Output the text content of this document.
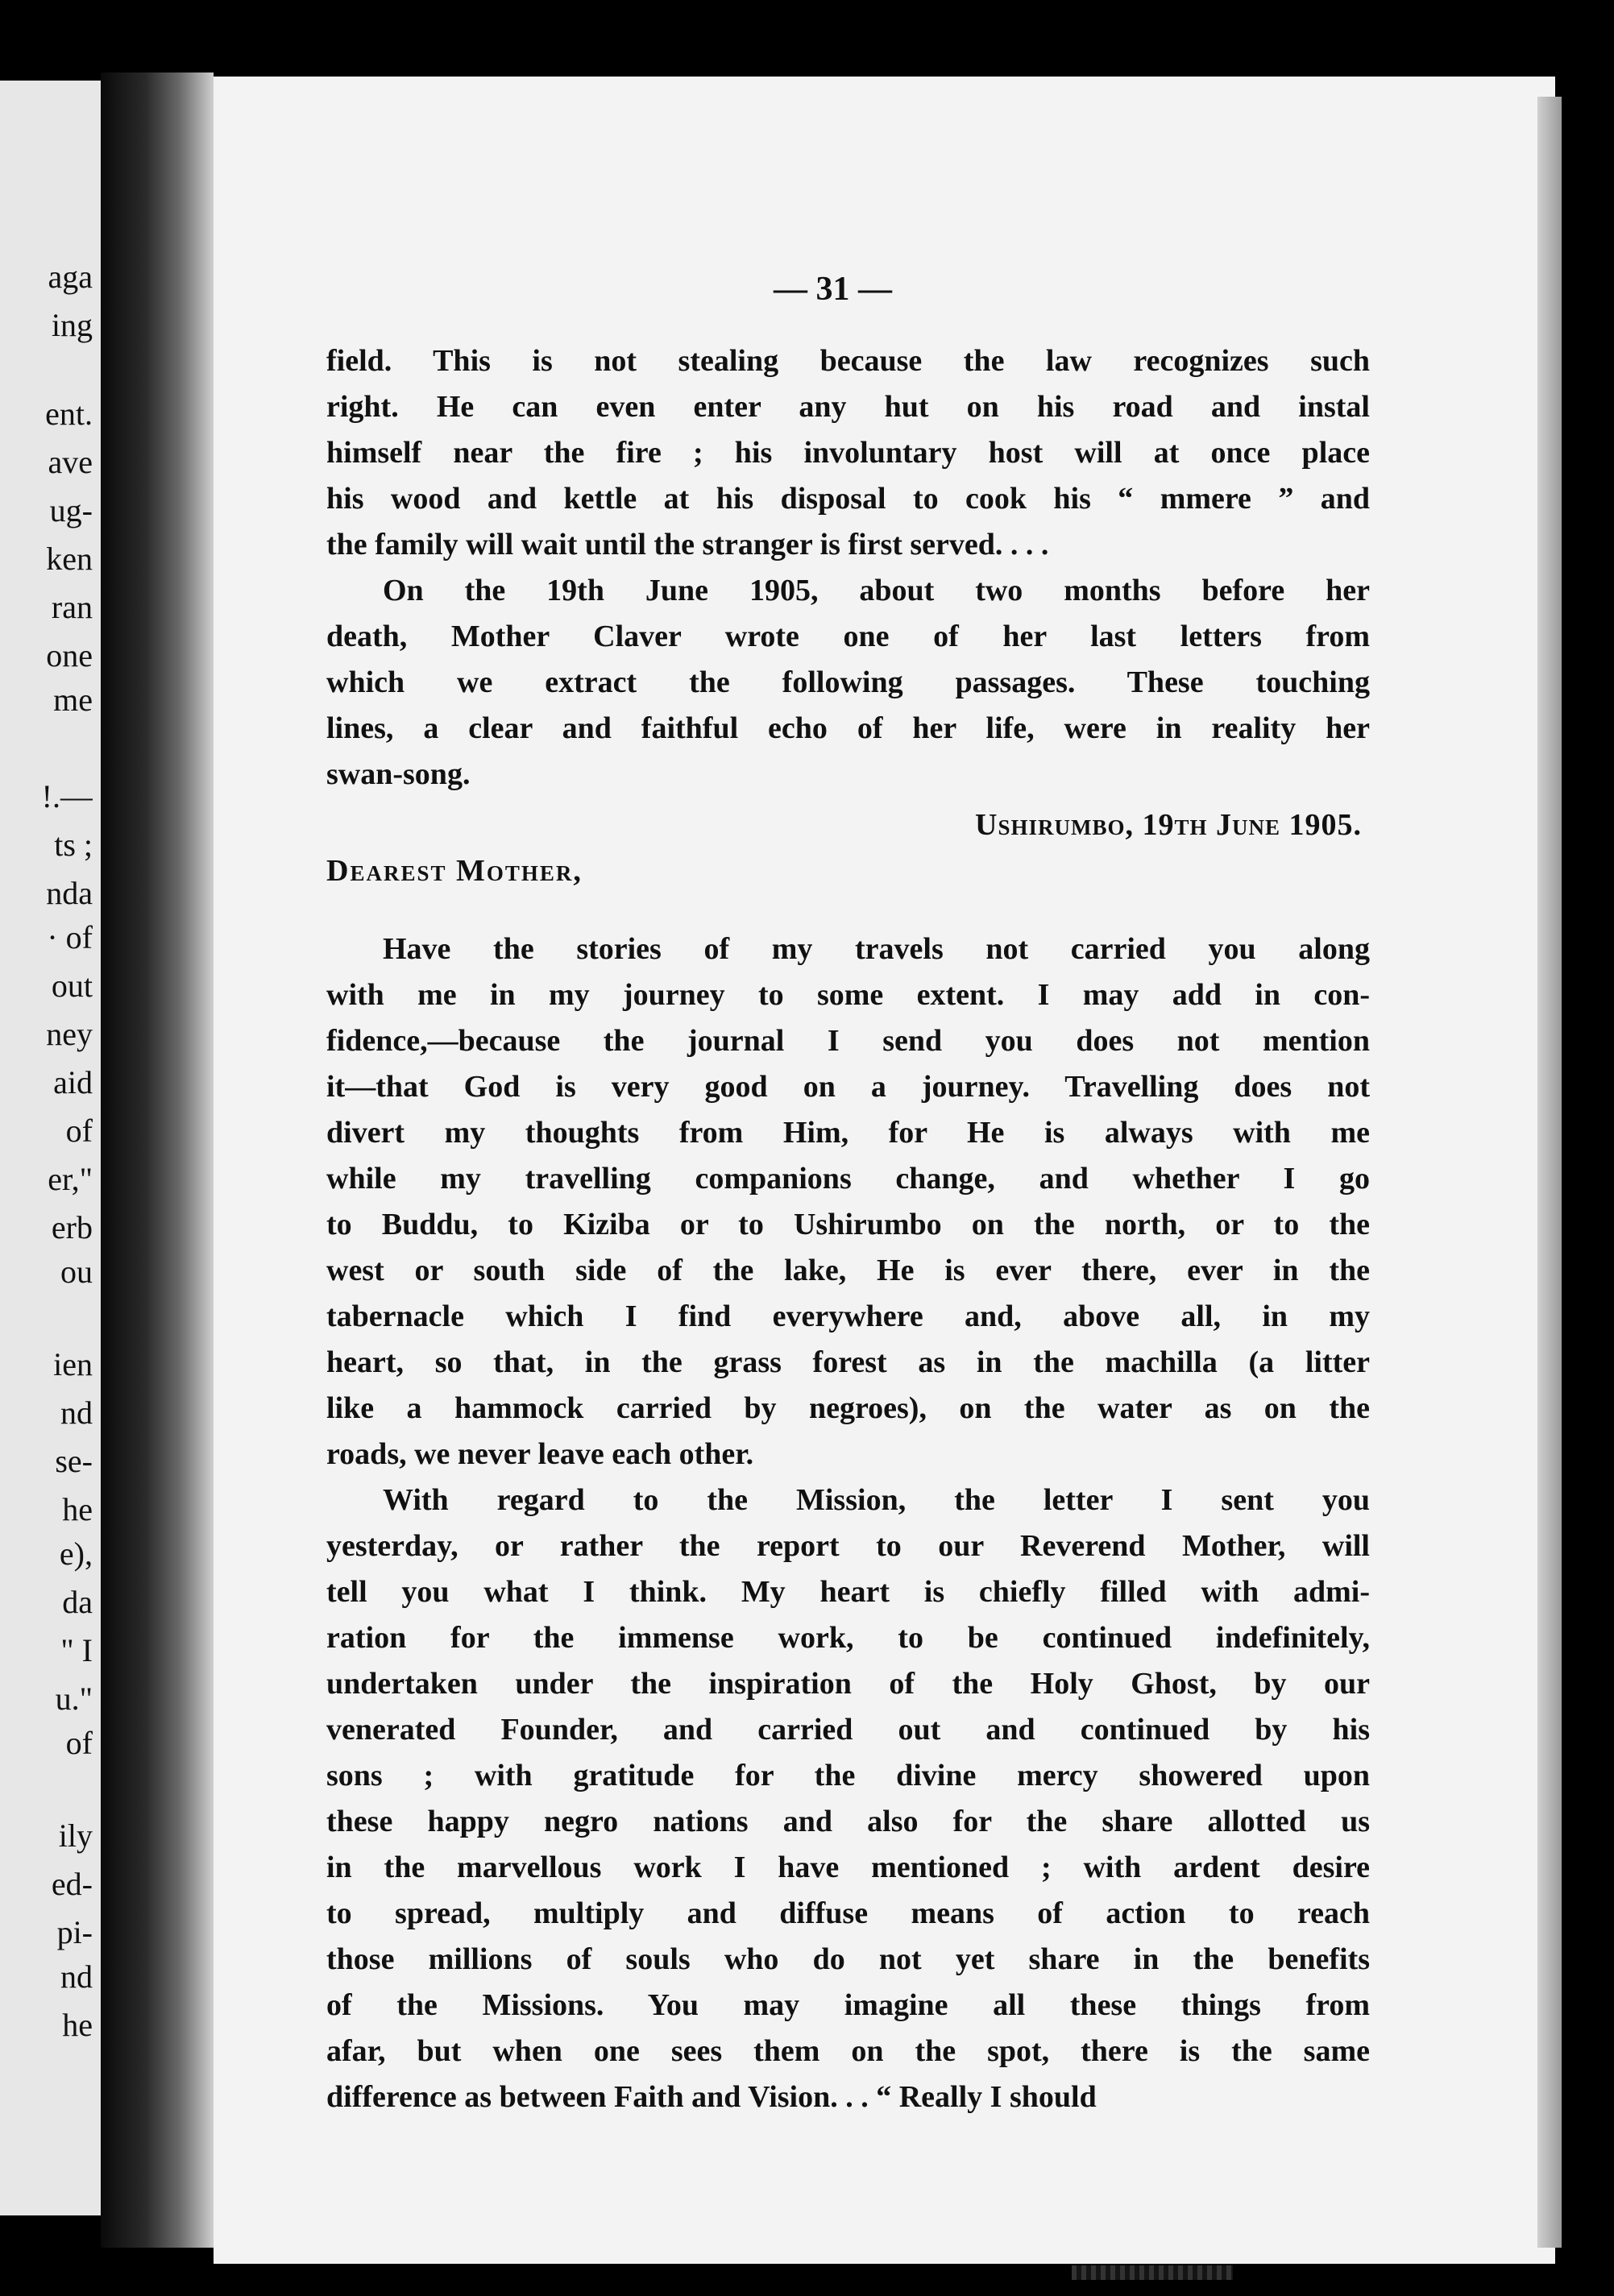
aga
ing
ent.
ave
ug-
ken
ran
one
me
!.—
ts ;
nda
· of
out
ney
aid
of
er,"
erb
ou
ien
nd
se-
he
e),
da
" I
u."
of
ily
ed-
pi-
nd
he
— 31 —
field. This is not stealing because the law recognizes such
right. He can even enter any hut on his road and instal
himself near the fire ; his involuntary host will at once place
his wood and kettle at his disposal to cook his “ mmere ” and
the family will wait until the stranger is first served. . . .
On the 19th June 1905, about two months before her
death, Mother Claver wrote one of her last letters from
which we extract the following passages. These touching
lines, a clear and faithful echo of her life, were in reality her
swan-song.
Ushirumbo, 19th June 1905.
Dearest Mother,
Have the stories of my travels not carried you along
with me in my journey to some extent. I may add in con-
fidence,—because the journal I send you does not mention
it—that God is very good on a journey. Travelling does not
divert my thoughts from Him, for He is always with me
while my travelling companions change, and whether I go
to Buddu, to Kiziba or to Ushirumbo on the north, or to the
west or south side of the lake, He is ever there, ever in the
tabernacle which I find everywhere and, above all, in my
heart, so that, in the grass forest as in the machilla (a litter
like a hammock carried by negroes), on the water as on the
roads, we never leave each other.
With regard to the Mission, the letter I sent you
yesterday, or rather the report to our Reverend Mother, will
tell you what I think. My heart is chiefly filled with admi-
ration for the immense work, to be continued indefinitely,
undertaken under the inspiration of the Holy Ghost, by our
venerated Founder, and carried out and continued by his
sons ; with gratitude for the divine mercy showered upon
these happy negro nations and also for the share allotted us
in the marvellous work I have mentioned ; with ardent desire
to spread, multiply and diffuse means of action to reach
those millions of souls who do not yet share in the benefits
of the Missions. You may imagine all these things from
afar, but when one sees them on the spot, there is the same
difference as between Faith and Vision. . . “ Really I should
